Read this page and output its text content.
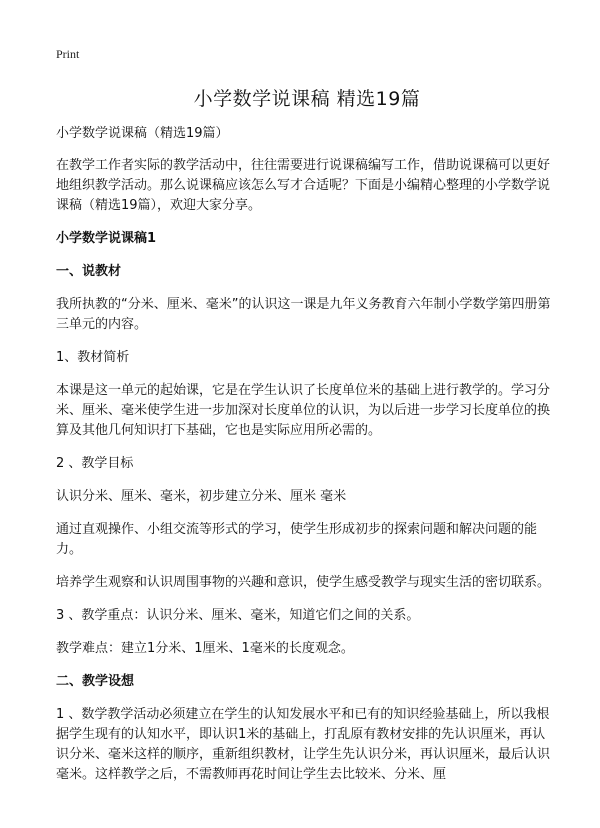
Print
小学数学说课稿 精选19篇

小学数学说课稿（精选19篇）

在教学工作者实际的教学活动中，往往需要进行说课稿编写工作，借助说课稿可以更好地组织教学活动。那么说课稿应该怎么写才合适呢？下面是小编精心整理的小学数学说课稿（精选19篇），欢迎大家分享。

小学数学说课稿1

一、说教材

我所执教的“分米、厘米、毫米”的认识这一课是九年义务教育六年制小学数学第四册第三单元的内容。

1、教材简析

本课是这一单元的起始课，它是在学生认识了长度单位米的基础上进行教学的。学习分米、厘米、毫米使学生进一步加深对长度单位的认识，为以后进一步学习长度单位的换算及其他几何知识打下基础，它也是实际应用所必需的。

2 、教学目标

认识分米、厘米、毫米，初步建立分米、厘米 毫米

通过直观操作、小组交流等形式的学习，使学生形成初步的探索问题和解决问题的能力。

培养学生观察和认识周围事物的兴趣和意识，使学生感受教学与现实生活的密切联系。

3 、教学重点：认识分米、厘米、毫米，知道它们之间的关系。

教学难点：建立1分米、1厘米、1毫米的长度观念。

二、教学设想

1 、数学教学活动必须建立在学生的认知发展水平和已有的知识经验基础上，所以我根据学生现有的认知水平，即认识1米的基础上，打乱原有教材安排的先认识厘米，再认识分米、毫米这样的顺序，重新组织教材，让学生先认识分米，再认识厘米，最后认识毫米。这样教学之后，不需教师再花时间让学生去比较米、分米、厘
